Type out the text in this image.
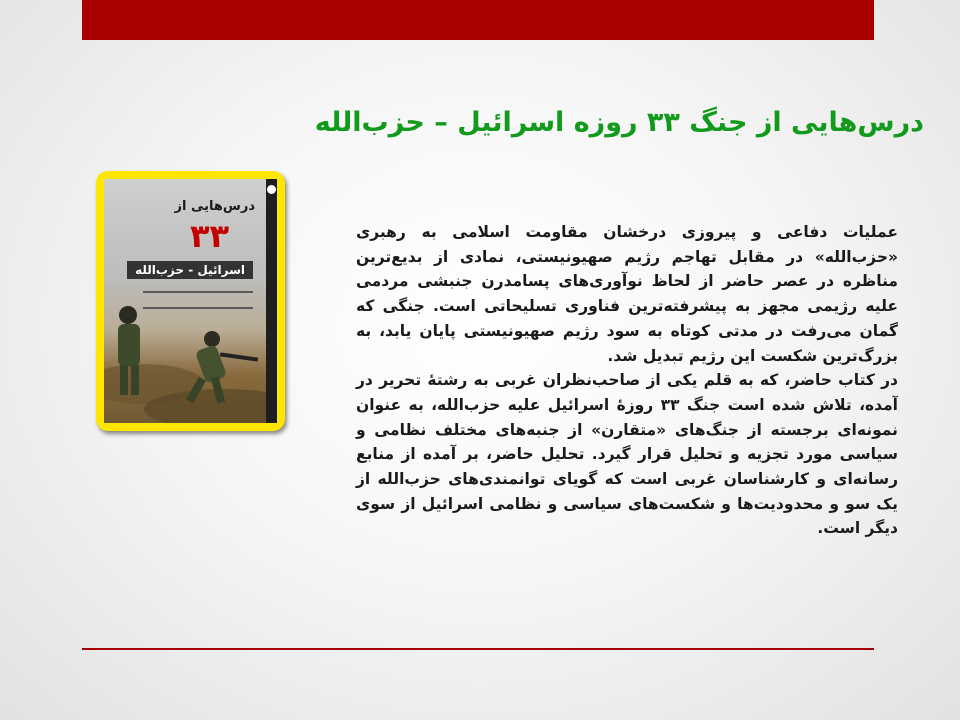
درس‌هایی از جنگ ۳۳ روزه اسرائیل – حزب‌الله
درس‌هایی از
۳۳
اسرائیل - حزب‌الله

عملیات دفاعی و پیروزی درخشان مقاومت اسلامی به رهبری «حزب‌الله» در مقابل تهاجم رژیم صهیونیستی، نمادی از بدیع‌ترین مناظره در عصر حاضر از لحاظ نوآوری‌های پسامدرن جنبشی مردمی علیه رژیمی مجهز به پیشرفته‌ترین فناوری تسلیحاتی است. جنگی که گمان می‌رفت در مدتی کوتاه به سود رژیم صهیونیستی پایان یابد، به بزرگ‌ترین شکست این رژیم تبدیل شد.

در کتاب حاضر، که به قلم یکی از صاحب‌نظران غربی به رشتهٔ تحریر در آمده، تلاش شده است جنگ ۳۳ روزهٔ اسرائیل علیه حزب‌الله، به عنوان نمونه‌ای برجسته از جنگ‌های «متقارن» از جنبه‌های مختلف نظامی و سیاسی مورد تجزیه و تحلیل قرار گیرد. تحلیل حاضر، بر آمده از منابع رسانه‌ای و کارشناسان غربی است که گویای توانمندی‌های حزب‌الله از یک سو و محدودیت‌ها و شکست‌های سیاسی و نظامی اسرائیل از سوی دیگر است.
